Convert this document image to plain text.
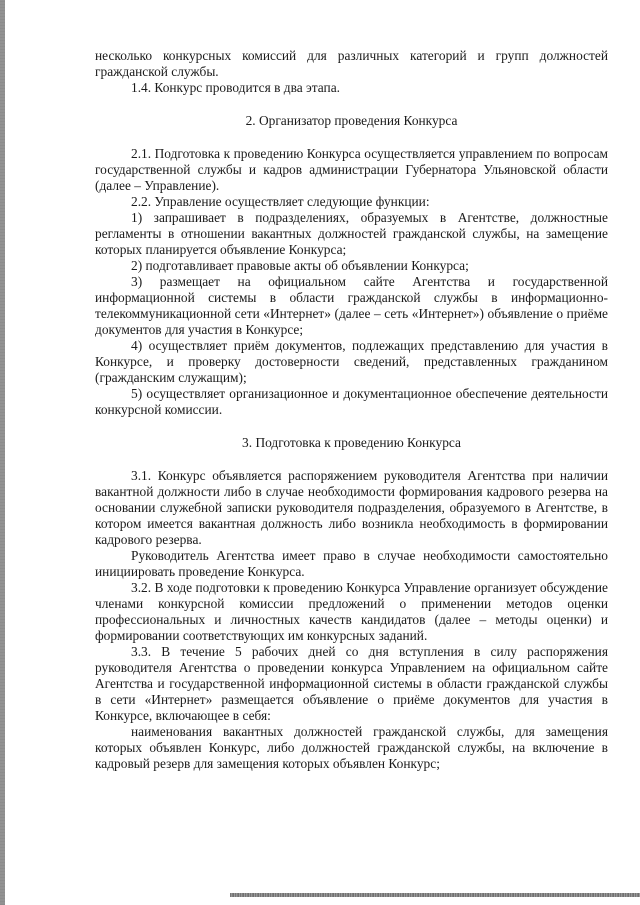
несколько конкурсных комиссий для различных категорий и групп должностей гражданской службы.

1.4. Конкурс проводится в два этапа.

2. Организатор проведения Конкурса

2.1. Подготовка к проведению Конкурса осуществляется управлением по вопросам государственной службы и кадров администрации Губернатора Ульяновской области (далее – Управление).

2.2. Управление осуществляет следующие функции:

1) запрашивает в подразделениях, образуемых в Агентстве, должностные регламенты в отношении вакантных должностей гражданской службы, на замещение которых планируется объявление Конкурса;

2) подготавливает правовые акты об объявлении Конкурса;

3) размещает на официальном сайте Агентства и государственной информационной системы в области гражданской службы в информационно-телекоммуникационной сети «Интернет» (далее – сеть «Интернет») объявление о приёме документов для участия в Конкурсе;

4) осуществляет приём документов, подлежащих представлению для участия в Конкурсе, и проверку достоверности сведений, представленных гражданином (гражданским служащим);

5) осуществляет организационное и документационное обеспечение деятельности конкурсной комиссии.

3. Подготовка к проведению Конкурса

3.1. Конкурс объявляется распоряжением руководителя Агентства при наличии вакантной должности либо в случае необходимости формирования кадрового резерва на основании служебной записки руководителя подразделения, образуемого в Агентстве, в котором имеется вакантная должность либо возникла необходимость в формировании кадрового резерва.

Руководитель Агентства имеет право в случае необходимости самостоятельно инициировать проведение Конкурса.

3.2. В ходе подготовки к проведению Конкурса Управление организует обсуждение членами конкурсной комиссии предложений о применении методов оценки профессиональных и личностных качеств кандидатов (далее – методы оценки) и формировании соответствующих им конкурсных заданий.

3.3. В течение 5 рабочих дней со дня вступления в силу распоряжения руководителя Агентства о проведении конкурса Управлением на официальном сайте Агентства и государственной информационной системы в области гражданской службы в сети «Интернет» размещается объявление о приёме документов для участия в Конкурсе, включающее в себя:

наименования вакантных должностей гражданской службы, для замещения которых объявлен Конкурс, либо должностей гражданской службы, на включение в кадровый резерв для замещения которых объявлен Конкурс;
